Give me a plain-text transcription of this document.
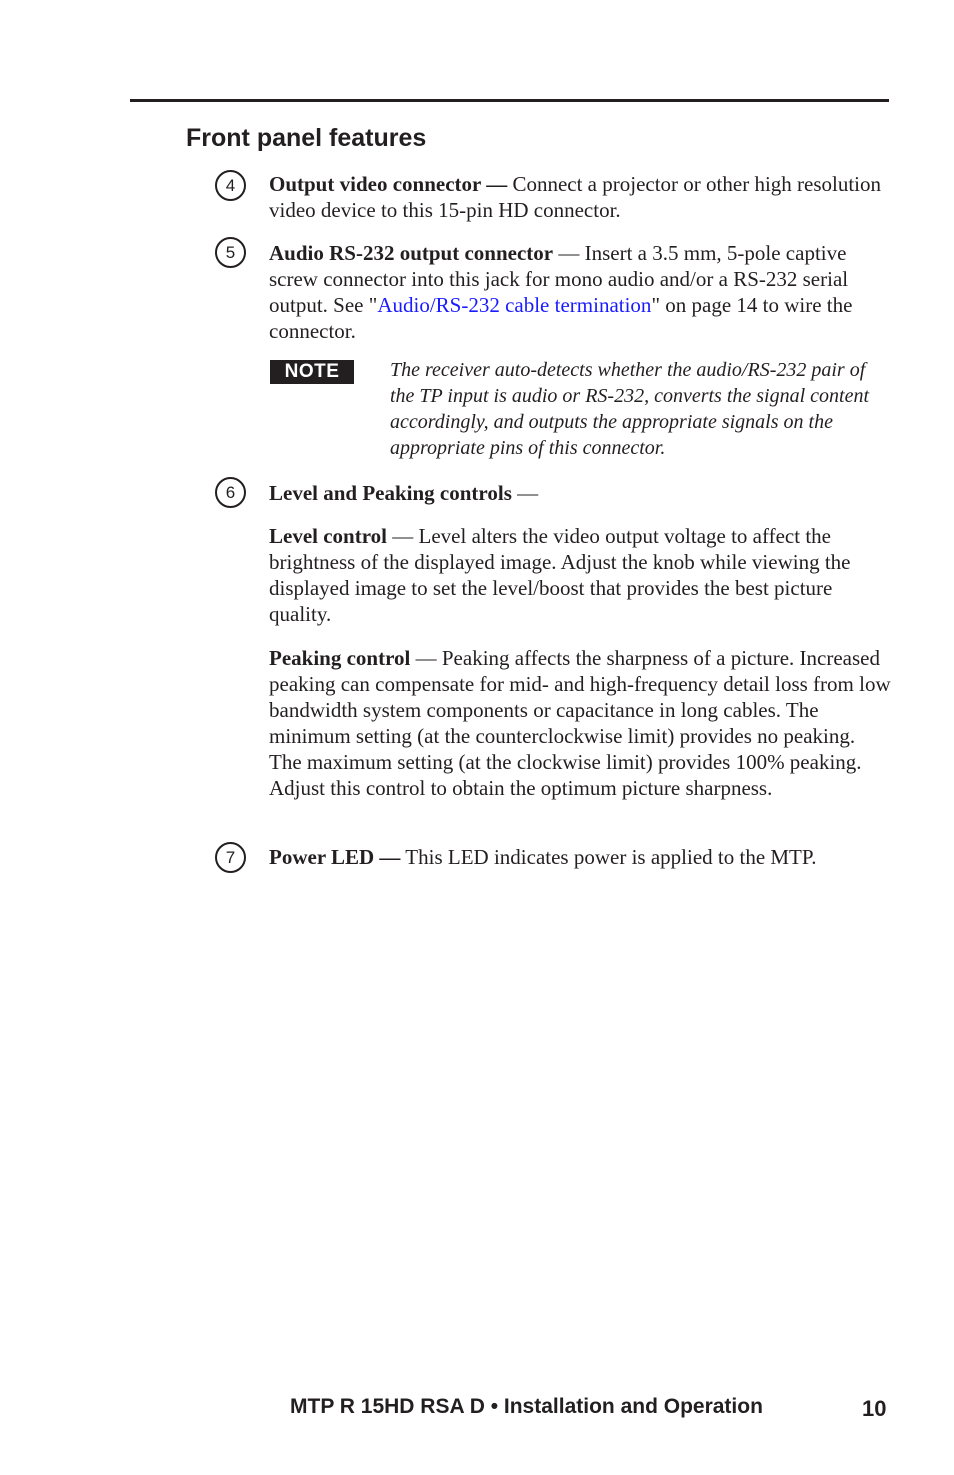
Front panel features
4	Output video connector — Connect a projector or other high resolution video device to this 15-pin HD connector.

5	Audio RS-232 output connector — Insert a 3.5 mm, 5-pole captive screw connector into this jack for mono audio and/or a RS-232 serial output. See "Audio/RS-232 cable termination" on page 14 to wire the connector.

NOTE	The receiver auto-detects whether the audio/RS-232 pair of the TP input is audio or RS-232, converts the signal content accordingly, and outputs the appropriate signals on the appropriate pins of this connector.

6	Level and Peaking controls —

Level control — Level alters the video output voltage to affect the brightness of the displayed image. Adjust the knob while viewing the displayed image to set the level/boost that provides the best picture quality.

Peaking control — Peaking affects the sharpness of a picture. Increased peaking can compensate for mid- and high-frequency detail loss from low bandwidth system components or capacitance in long cables. The minimum setting (at the counterclockwise limit) provides no peaking. The maximum setting (at the clockwise limit) provides 100% peaking. Adjust this control to obtain the optimum picture sharpness.

7	Power LED — This LED indicates power is applied to the MTP.

MTP R 15HD RSA D • Installation and Operation	10
